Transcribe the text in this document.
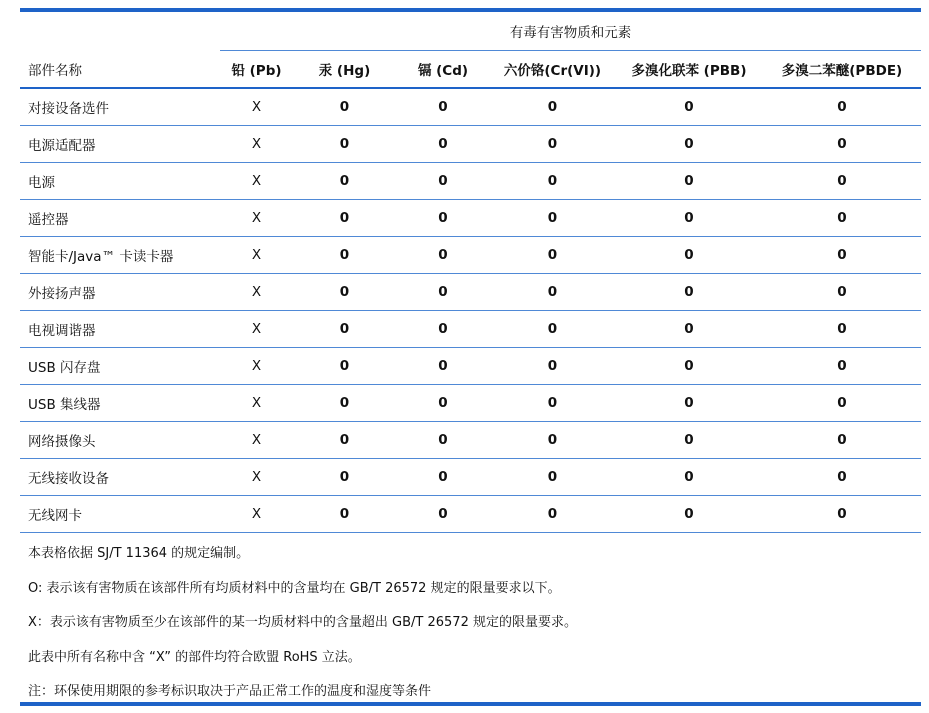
	有毒有害物质和元素					
部件名称	铅 (Pb)	汞 (Hg)	镉 (Cd)	六价铬(Cr(VI))	多溴化联苯 (PBB)	多溴二苯醚(PBDE)
对接设备选件	X	0	0	0	0	0
电源适配器	X	0	0	0	0	0
电源	X	0	0	0	0	0
遥控器	X	0	0	0	0	0
智能卡/Java™ 卡读卡器	X	0	0	0	0	0
外接扬声器	X	0	0	0	0	0
电视调谐器	X	0	0	0	0	0
USB 闪存盘	X	0	0	0	0	0
USB 集线器	X	0	0	0	0	0
网络摄像头	X	0	0	0	0	0
无线接收设备	X	0	0	0	0	0
无线网卡	X	0	0	0	0	0
本表格依据 SJ/T 11364 的规定编制。
O: 表示该有害物质在该部件所有均质材料中的含量均在 GB/T 26572 规定的限量要求以下。
X：表示该有害物质至少在该部件的某一均质材料中的含量超出 GB/T 26572 规定的限量要求。
此表中所有名称中含 “X” 的部件均符合欧盟 RoHS 立法。
注：环保使用期限的参考标识取决于产品正常工作的温度和湿度等条件
